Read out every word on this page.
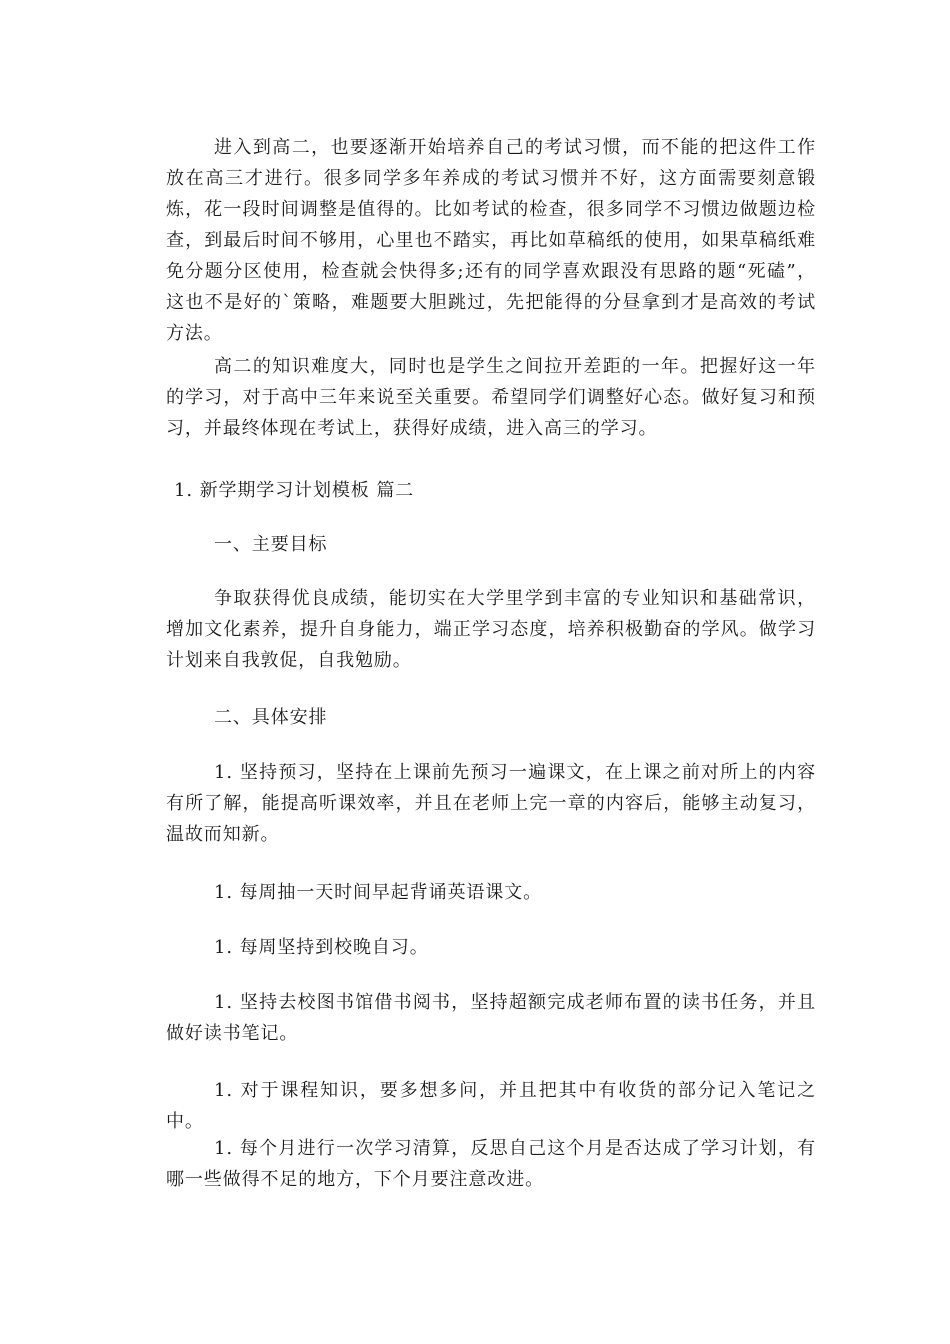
进入到高二，也要逐渐开始培养自己的考试习惯，而不能的把这件工作放在高三才进行。很多同学多年养成的考试习惯并不好，这方面需要刻意锻炼，花一段时间调整是值得的。比如考试的检查，很多同学不习惯边做题边检查，到最后时间不够用，心里也不踏实，再比如草稿纸的使用，如果草稿纸难免分题分区使用，检查就会快得多;还有的同学喜欢跟没有思路的题“死磕”，这也不是好的`策略，难题要大胆跳过，先把能得的分昼拿到才是高效的考试方法。

高二的知识难度大，同时也是学生之间拉开差距的一年。把握好这一年的学习，对于高中三年来说至关重要。希望同学们调整好心态。做好复习和预习，并最终体现在考试上，获得好成绩，进入高三的学习。

1. 新学期学习计划模板 篇二

一、主要目标

争取获得优良成绩，能切实在大学里学到丰富的专业知识和基础常识，增加文化素养，提升自身能力，端正学习态度，培养积极勤奋的学风。做学习计划来自我敦促，自我勉励。

二、具体安排

1. 坚持预习，坚持在上课前先预习一遍课文，在上课之前对所上的内容有所了解，能提高听课效率，并且在老师上完一章的内容后，能够主动复习，温故而知新。

1. 每周抽一天时间早起背诵英语课文。

1. 每周坚持到校晚自习。

1. 坚持去校图书馆借书阅书，坚持超额完成老师布置的读书任务，并且做好读书笔记。

1. 对于课程知识，要多想多问，并且把其中有收货的部分记入笔记之中。

1. 每个月进行一次学习清算，反思自己这个月是否达成了学习计划，有哪一些做得不足的地方，下个月要注意改进。
